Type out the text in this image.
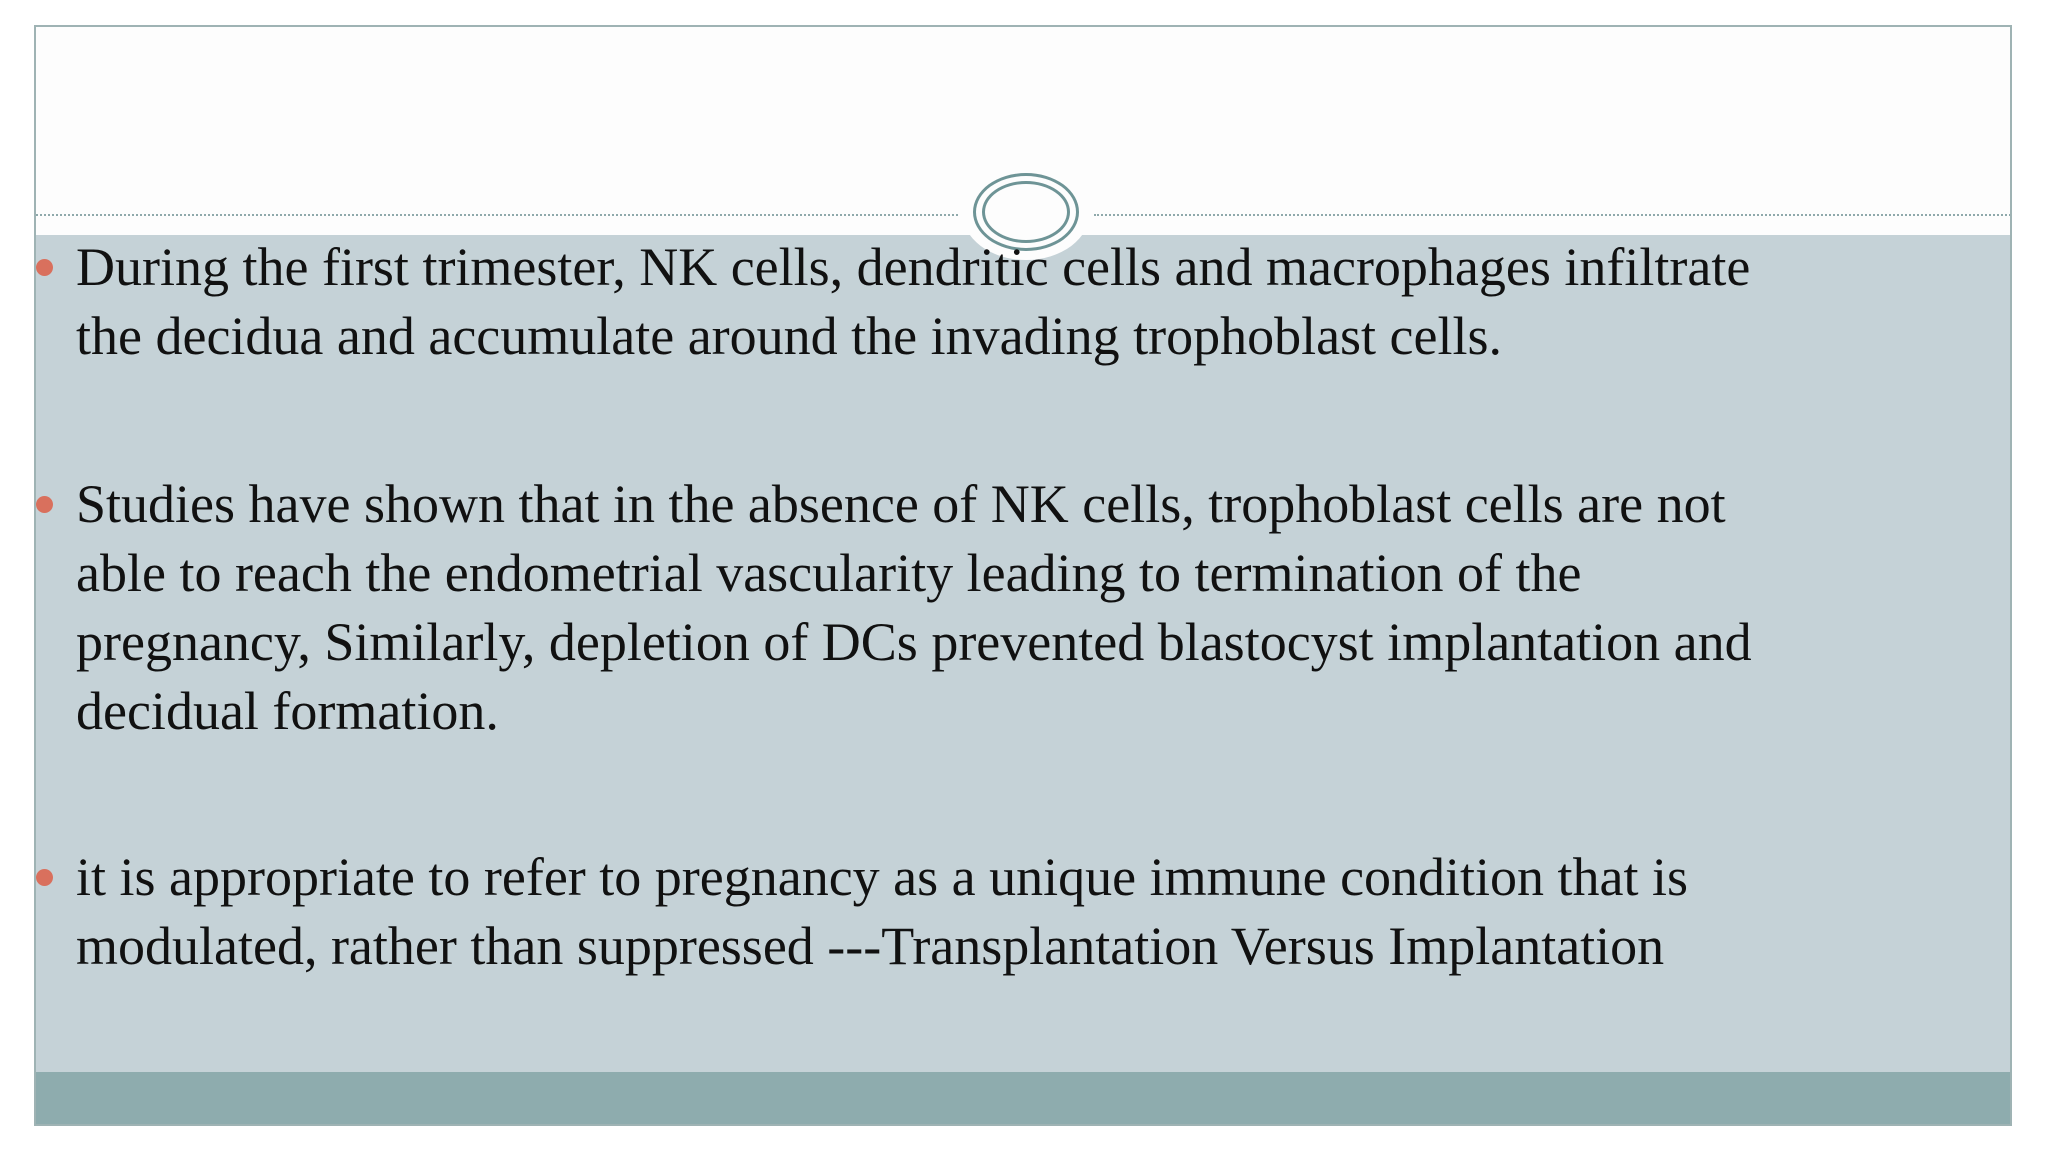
During the first trimester, NK cells, dendritic cells and macrophages infiltrate
the decidua and accumulate around the invading trophoblast cells.
Studies have shown that in the absence of NK cells, trophoblast cells are not
able to reach the endometrial vascularity leading to termination of the
pregnancy, Similarly, depletion of DCs prevented blastocyst implantation and
decidual formation.
it is appropriate to refer to pregnancy as a unique immune condition that is
modulated, rather than suppressed ---Transplantation Versus Implantation
